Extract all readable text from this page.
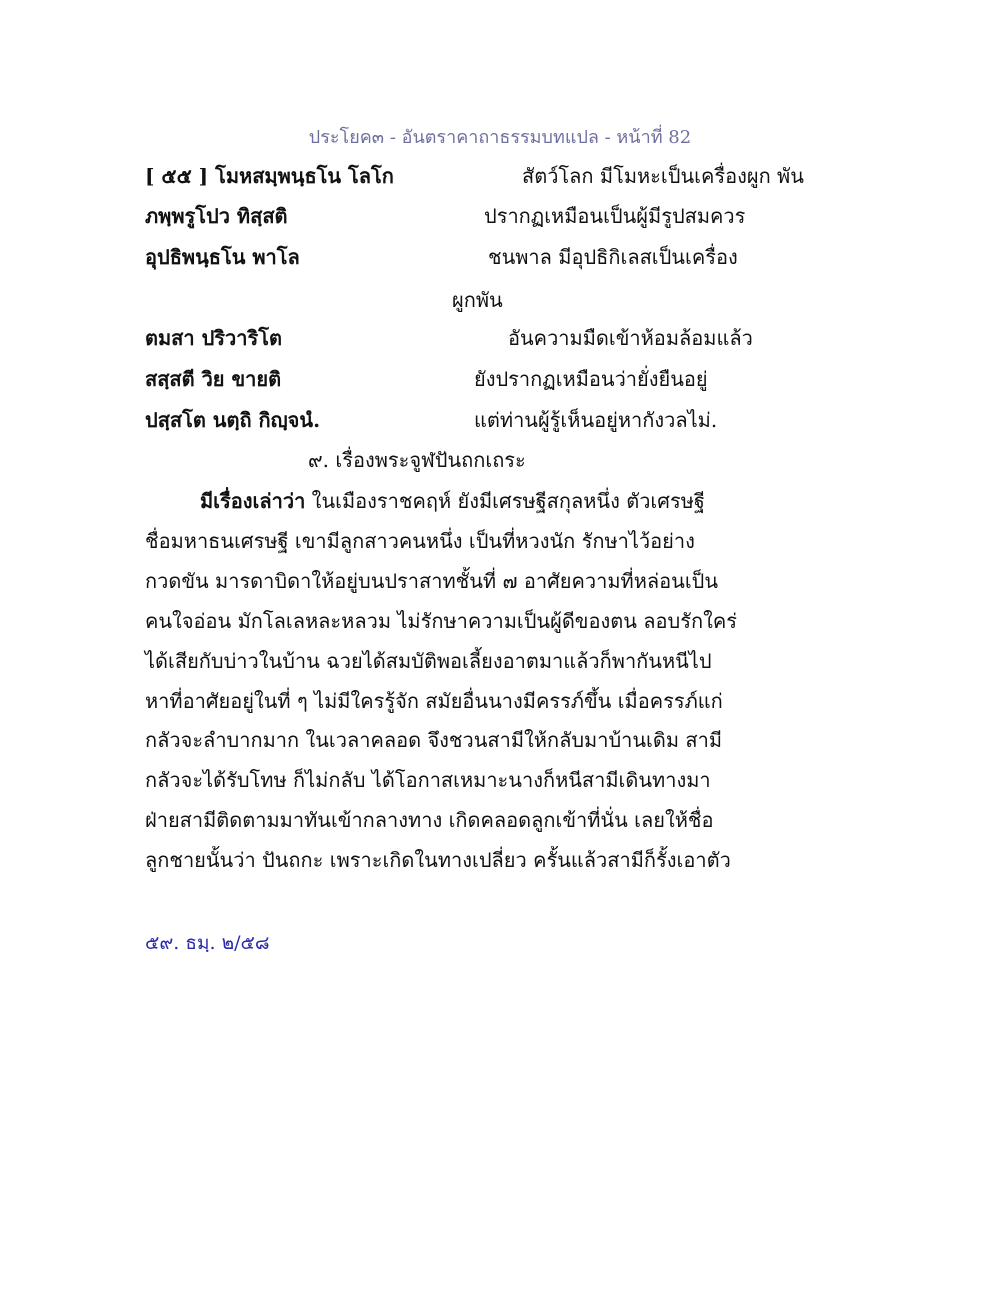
ประโยค๓ - อันตราคาถาธรรมบทแปล - หน้าที่ 82
[ ๕๕ ] โมหสมฺพนฺธโน โลโก	สัตว์โลก มีโมหะเป็นเครื่องผูก พัน
ภพฺพรูโปว ทิสฺสติ	ปรากฏเหมือนเป็นผู้มีรูปสมควร
อุปธิพนฺธโน พาโล	ชนพาล มีอุปธิกิเลสเป็นเครื่อง
ผูกพัน
ตมสา ปริวาริโต	อันความมืดเข้าห้อมล้อมแล้ว
สสฺสตี วิย ขายติ	ยังปรากฏเหมือนว่ายั่งยืนอยู่
ปสฺสโต นตฺถิ กิญฺจนํ.	แต่ท่านผู้รู้เห็นอยู่หากังวลไม่.
๙. เรื่องพระจูฬปันถกเถระ
มีเรื่องเล่าว่า ในเมืองราชคฤห์ ยังมีเศรษฐีสกุลหนึ่ง ตัวเศรษฐี
ชื่อมหาธนเศรษฐี เขามีลูกสาวคนหนึ่ง เป็นที่หวงนัก รักษาไว้อย่าง
กวดขัน มารดาบิดาให้อยู่บนปราสาทชั้นที่ ๗ อาศัยความที่หล่อนเป็น
คนใจอ่อน มักโลเลหละหลวม ไม่รักษาความเป็นผู้ดีของตน ลอบรักใคร่
ได้เสียกับบ่าวในบ้าน ฉวยได้สมบัติพอเลี้ยงอาตมาแล้วก็พากันหนีไป
หาที่อาศัยอยู่ในที่ ๆ ไม่มีใครรู้จัก สมัยอื่นนางมีครรภ์ขึ้น เมื่อครรภ์แก่
กลัวจะลำบากมาก ในเวลาคลอด จึงชวนสามีให้กลับมาบ้านเดิม สามี
กลัวจะได้รับโทษ ก็ไม่กลับ ได้โอกาสเหมาะนางก็หนีสามีเดินทางมา
ฝ่ายสามีติดตามมาทันเข้ากลางทาง เกิดคลอดลูกเข้าที่นั่น เลยให้ชื่อ
ลูกชายนั้นว่า ปันถกะ เพราะเกิดในทางเปลี่ยว ครั้นแล้วสามีก็รั้งเอาตัว
๕๙. ธมฺ. ๒/๕๘
